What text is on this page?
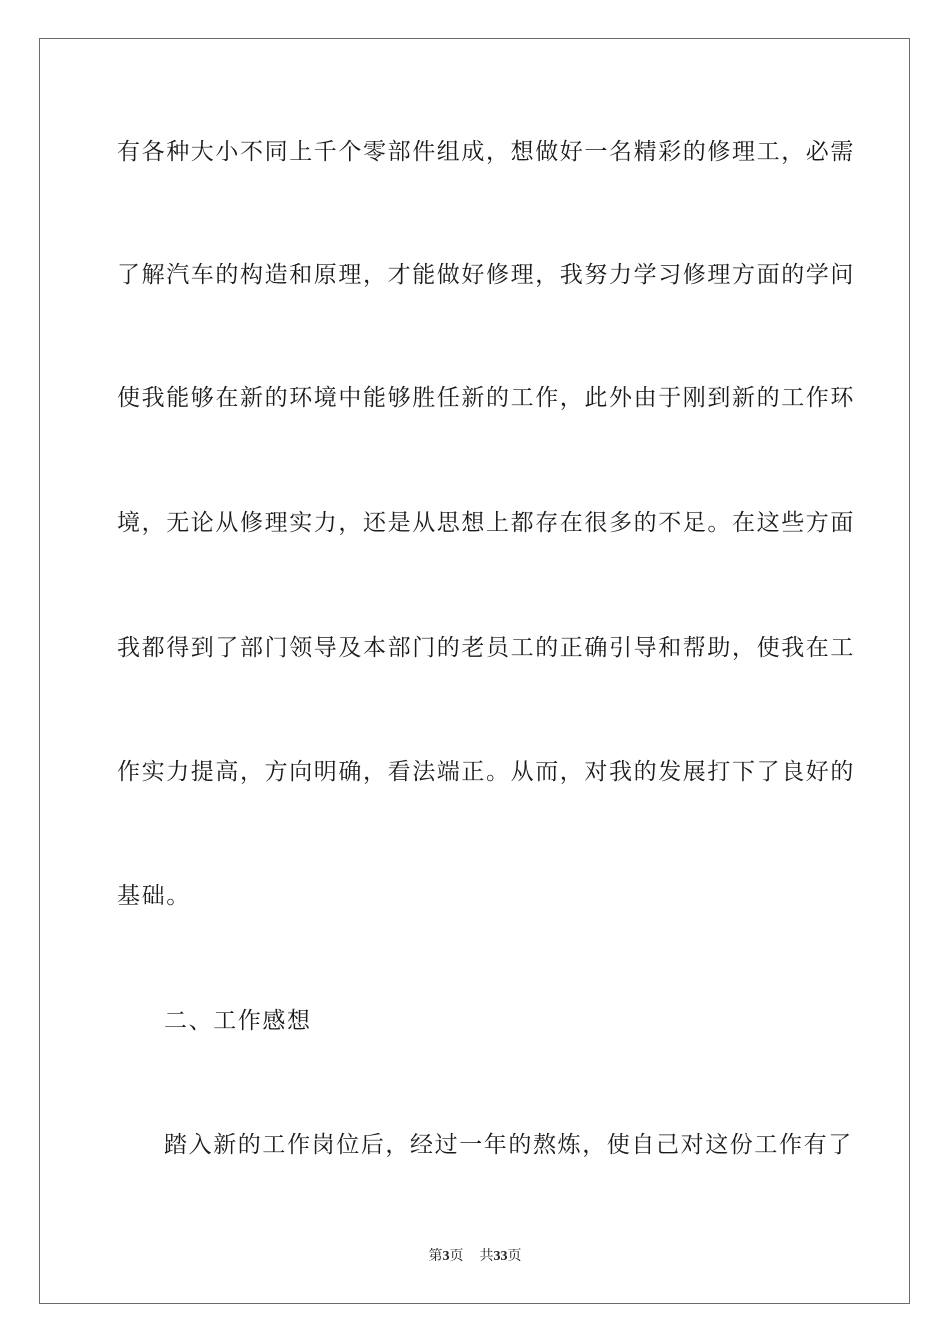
有各种大小不同上千个零部件组成，想做好一名精彩的修理工，必需
了解汽车的构造和原理，才能做好修理，我努力学习修理方面的学问
使我能够在新的环境中能够胜任新的工作，此外由于刚到新的工作环
境，无论从修理实力，还是从思想上都存在很多的不足。在这些方面
我都得到了部门领导及本部门的老员工的正确引导和帮助，使我在工
作实力提高，方向明确，看法端正。从而，对我的发展打下了良好的
基础。
二、工作感想
踏入新的工作岗位后，经过一年的熬炼，使自己对这份工作有了
第3页 共33页
